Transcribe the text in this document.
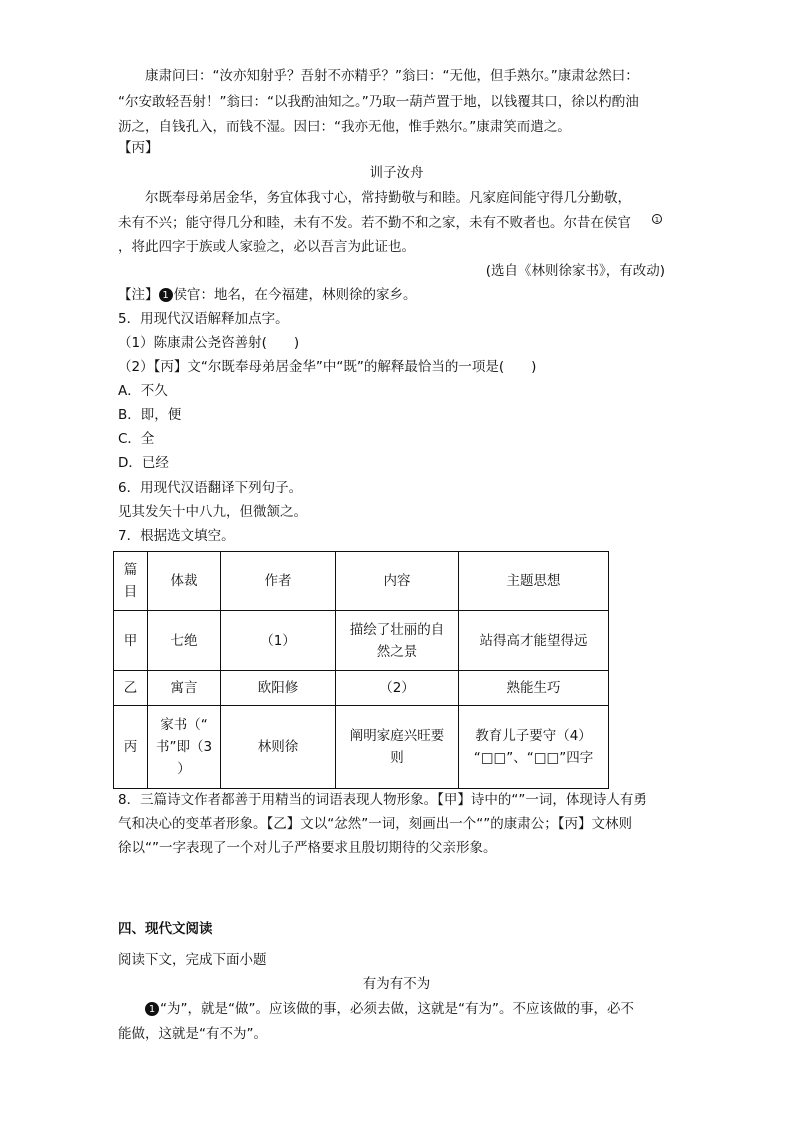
康肃问曰：“汝亦知射乎？吾射不亦精乎？”翁曰：“无他，但手熟尔。”康肃忿然曰：
“尔安敢轻吾射！”翁曰：“以我酌油知之。”乃取一葫芦置于地，以钱覆其口，徐以杓酌油
沥之，自钱孔入，而钱不湿。因曰：“我亦无他，惟手熟尔。”康肃笑而遣之。
【丙】
训子汝舟
尔既奉母弟居金华，务宜体我寸心，常持勤敬与和睦。凡家庭间能守得几分勤敬，
未有不兴；能守得几分和睦，未有不发。若不勤不和之家，未有不败者也。尔昔在侯官	1
，将此四字于族或人家验之，必以吾言为此证也。
(选自《林则徐家书》，有改动)
【注】 1 侯官：地名，在今福建，林则徐的家乡。
5．用现代汉语解释加点字。
（1）陈康肃公尧咨善射(　　)
（2）【丙】文“尔既奉母弟居金华”中“既”的解释最恰当的一项是(　　)
A．不久
B．即，便
C．全
D．已经
6．用现代汉语翻译下列句子。
见其发矢十中八九，但微颔之。
7．根据选文填空。
篇
目	体裁	作者	内容	主题思想
甲	七绝	（1）	描绘了壮丽的自
然之景	站得高才能望得远
乙	寓言	欧阳修	（2）	熟能生巧
丙	家书（“
书”即（3
）	林则徐	阐明家庭兴旺要
则	教育儿子要守（4）
“□□”、“□□”四字
8．三篇诗文作者都善于用精当的词语表现人物形象。【甲】诗中的“”一词，体现诗人有勇
气和决心的变革者形象。【乙】文以“忿然”一词，刻画出一个“”的康肃公；【丙】文林则
徐以“”一字表现了一个对儿子严格要求且殷切期待的父亲形象。
四、现代文阅读
阅读下文，完成下面小题
有为有不为
1 “为”，就是“做”。应该做的事，必须去做，这就是“有为”。不应该做的事，必不
能做，这就是“有不为”。
